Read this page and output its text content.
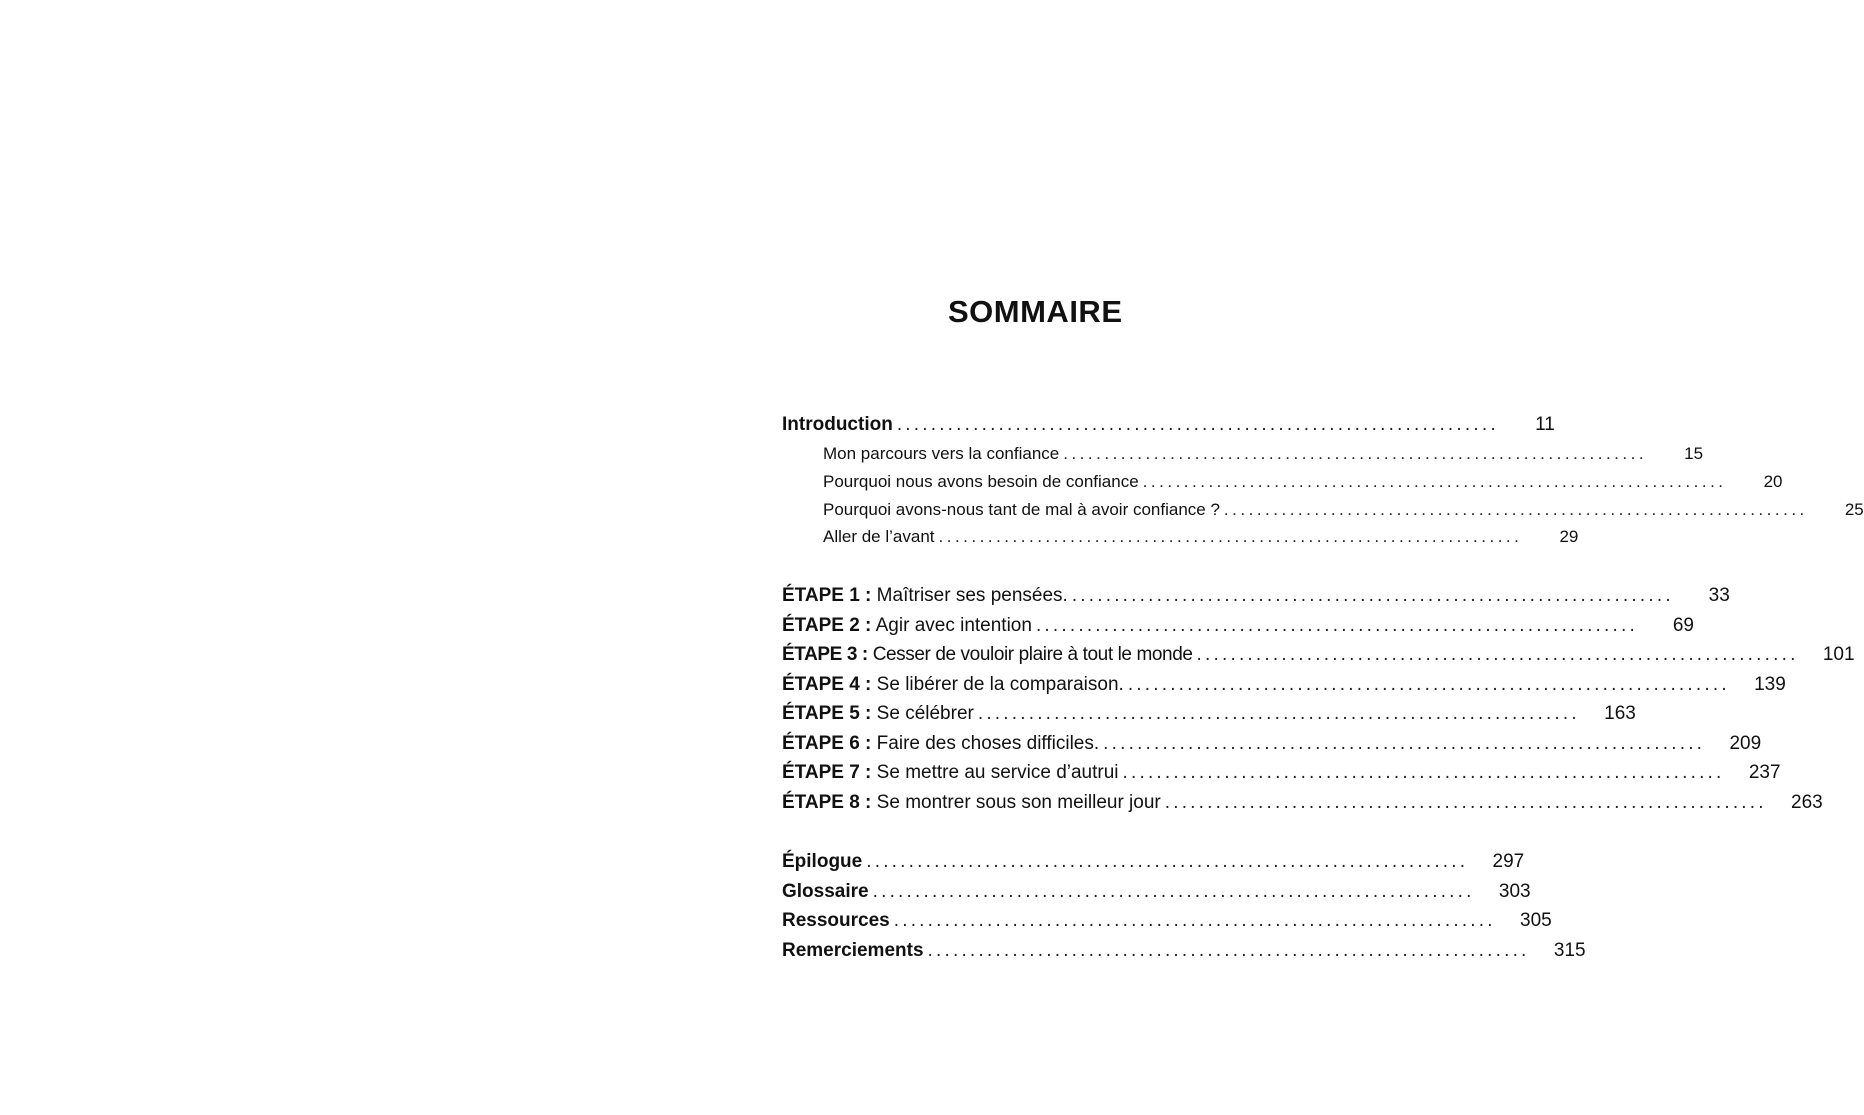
SOMMAIRE
Introduction .......................................................................	11
Mon parcours vers la confiance .......................................................................	15
Pourquoi nous avons besoin de confiance .......................................................................	20
Pourquoi avons-nous tant de mal à avoir confiance ? .......................................................................	25
Aller de l’avant .......................................................................	29
ÉTAPE 1 : Maîtriser ses pensées. .......................................................................	33
ÉTAPE 2 : Agir avec intention .......................................................................	69
ÉTAPE 3 : Cesser de vouloir plaire à tout le monde ....................................................................... 101
ÉTAPE 4 : Se libérer de la comparaison. ....................................................................... 139
ÉTAPE 5 : Se célébrer ....................................................................... 163
ÉTAPE 6 : Faire des choses difficiles. ....................................................................... 209
ÉTAPE 7 : Se mettre au service d’autrui ....................................................................... 237
ÉTAPE 8 : Se montrer sous son meilleur jour ....................................................................... 263
Épilogue ....................................................................... 297
Glossaire ....................................................................... 303
Ressources ....................................................................... 305
Remerciements ....................................................................... 315
